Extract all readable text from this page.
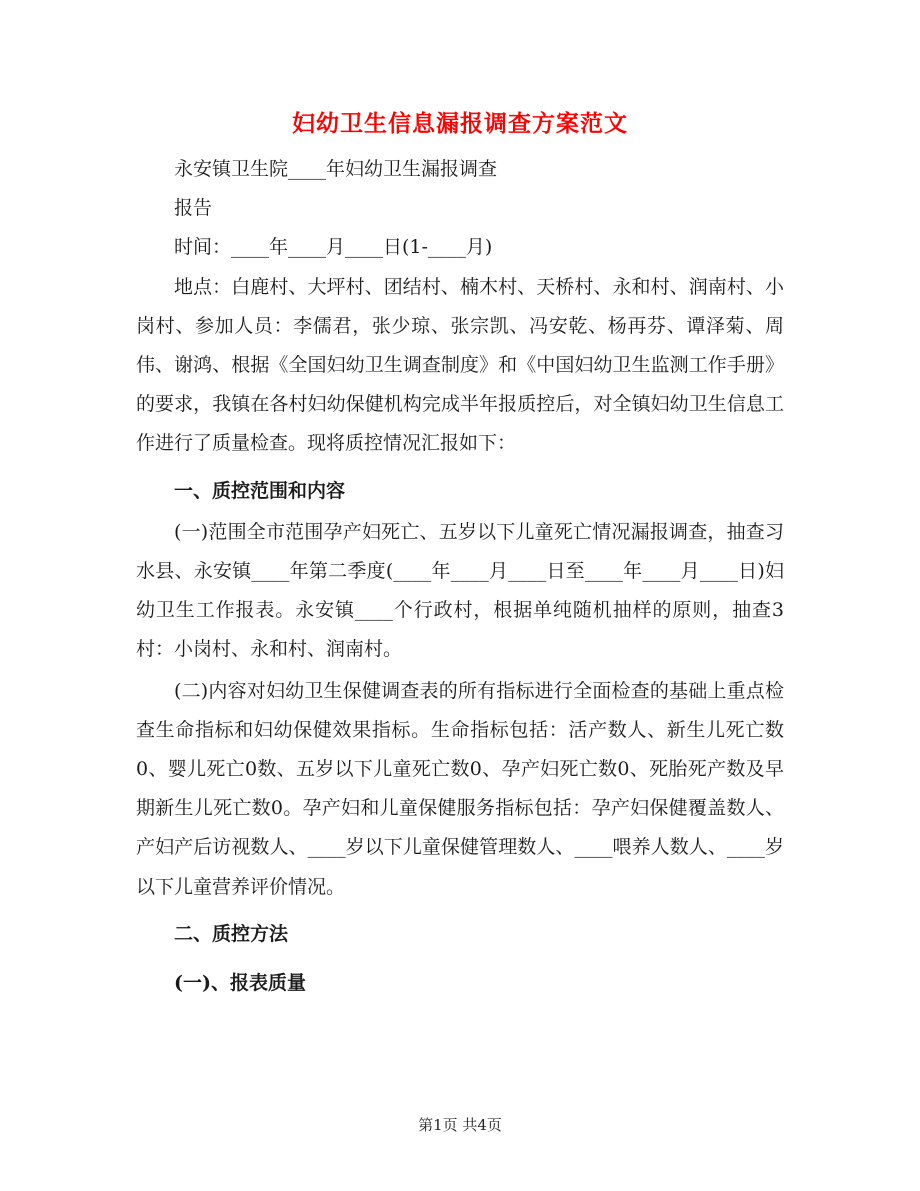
妇幼卫生信息漏报调查方案范文

永安镇卫生院____年妇幼卫生漏报调查

报告

时间：____年____月____日(1-____月)

地点：白鹿村、大坪村、团结村、楠木村、天桥村、永和村、润南村、小岗村、参加人员：李儒君，张少琼、张宗凯、冯安乾、杨再芬、谭泽菊、周伟、谢鸿、根据《全国妇幼卫生调查制度》和《中国妇幼卫生监测工作手册》的要求，我镇在各村妇幼保健机构完成半年报质控后，对全镇妇幼卫生信息工作进行了质量检查。现将质控情况汇报如下：

一、质控范围和内容

(一)范围全市范围孕产妇死亡、五岁以下儿童死亡情况漏报调查，抽查习水县、永安镇____年第二季度(____年____月____日至____年____月____日)妇幼卫生工作报表。永安镇____个行政村，根据单纯随机抽样的原则，抽查3村：小岗村、永和村、润南村。

(二)内容对妇幼卫生保健调查表的所有指标进行全面检查的基础上重点检查生命指标和妇幼保健效果指标。生命指标包括：活产数人、新生儿死亡数0、婴儿死亡0数、五岁以下儿童死亡数0、孕产妇死亡数0、死胎死产数及早期新生儿死亡数0。孕产妇和儿童保健服务指标包括：孕产妇保健覆盖数人、产妇产后访视数人、____岁以下儿童保健管理数人、____喂养人数人、____岁以下儿童营养评价情况。

二、质控方法

(一)、报表质量

第1页 共4页
